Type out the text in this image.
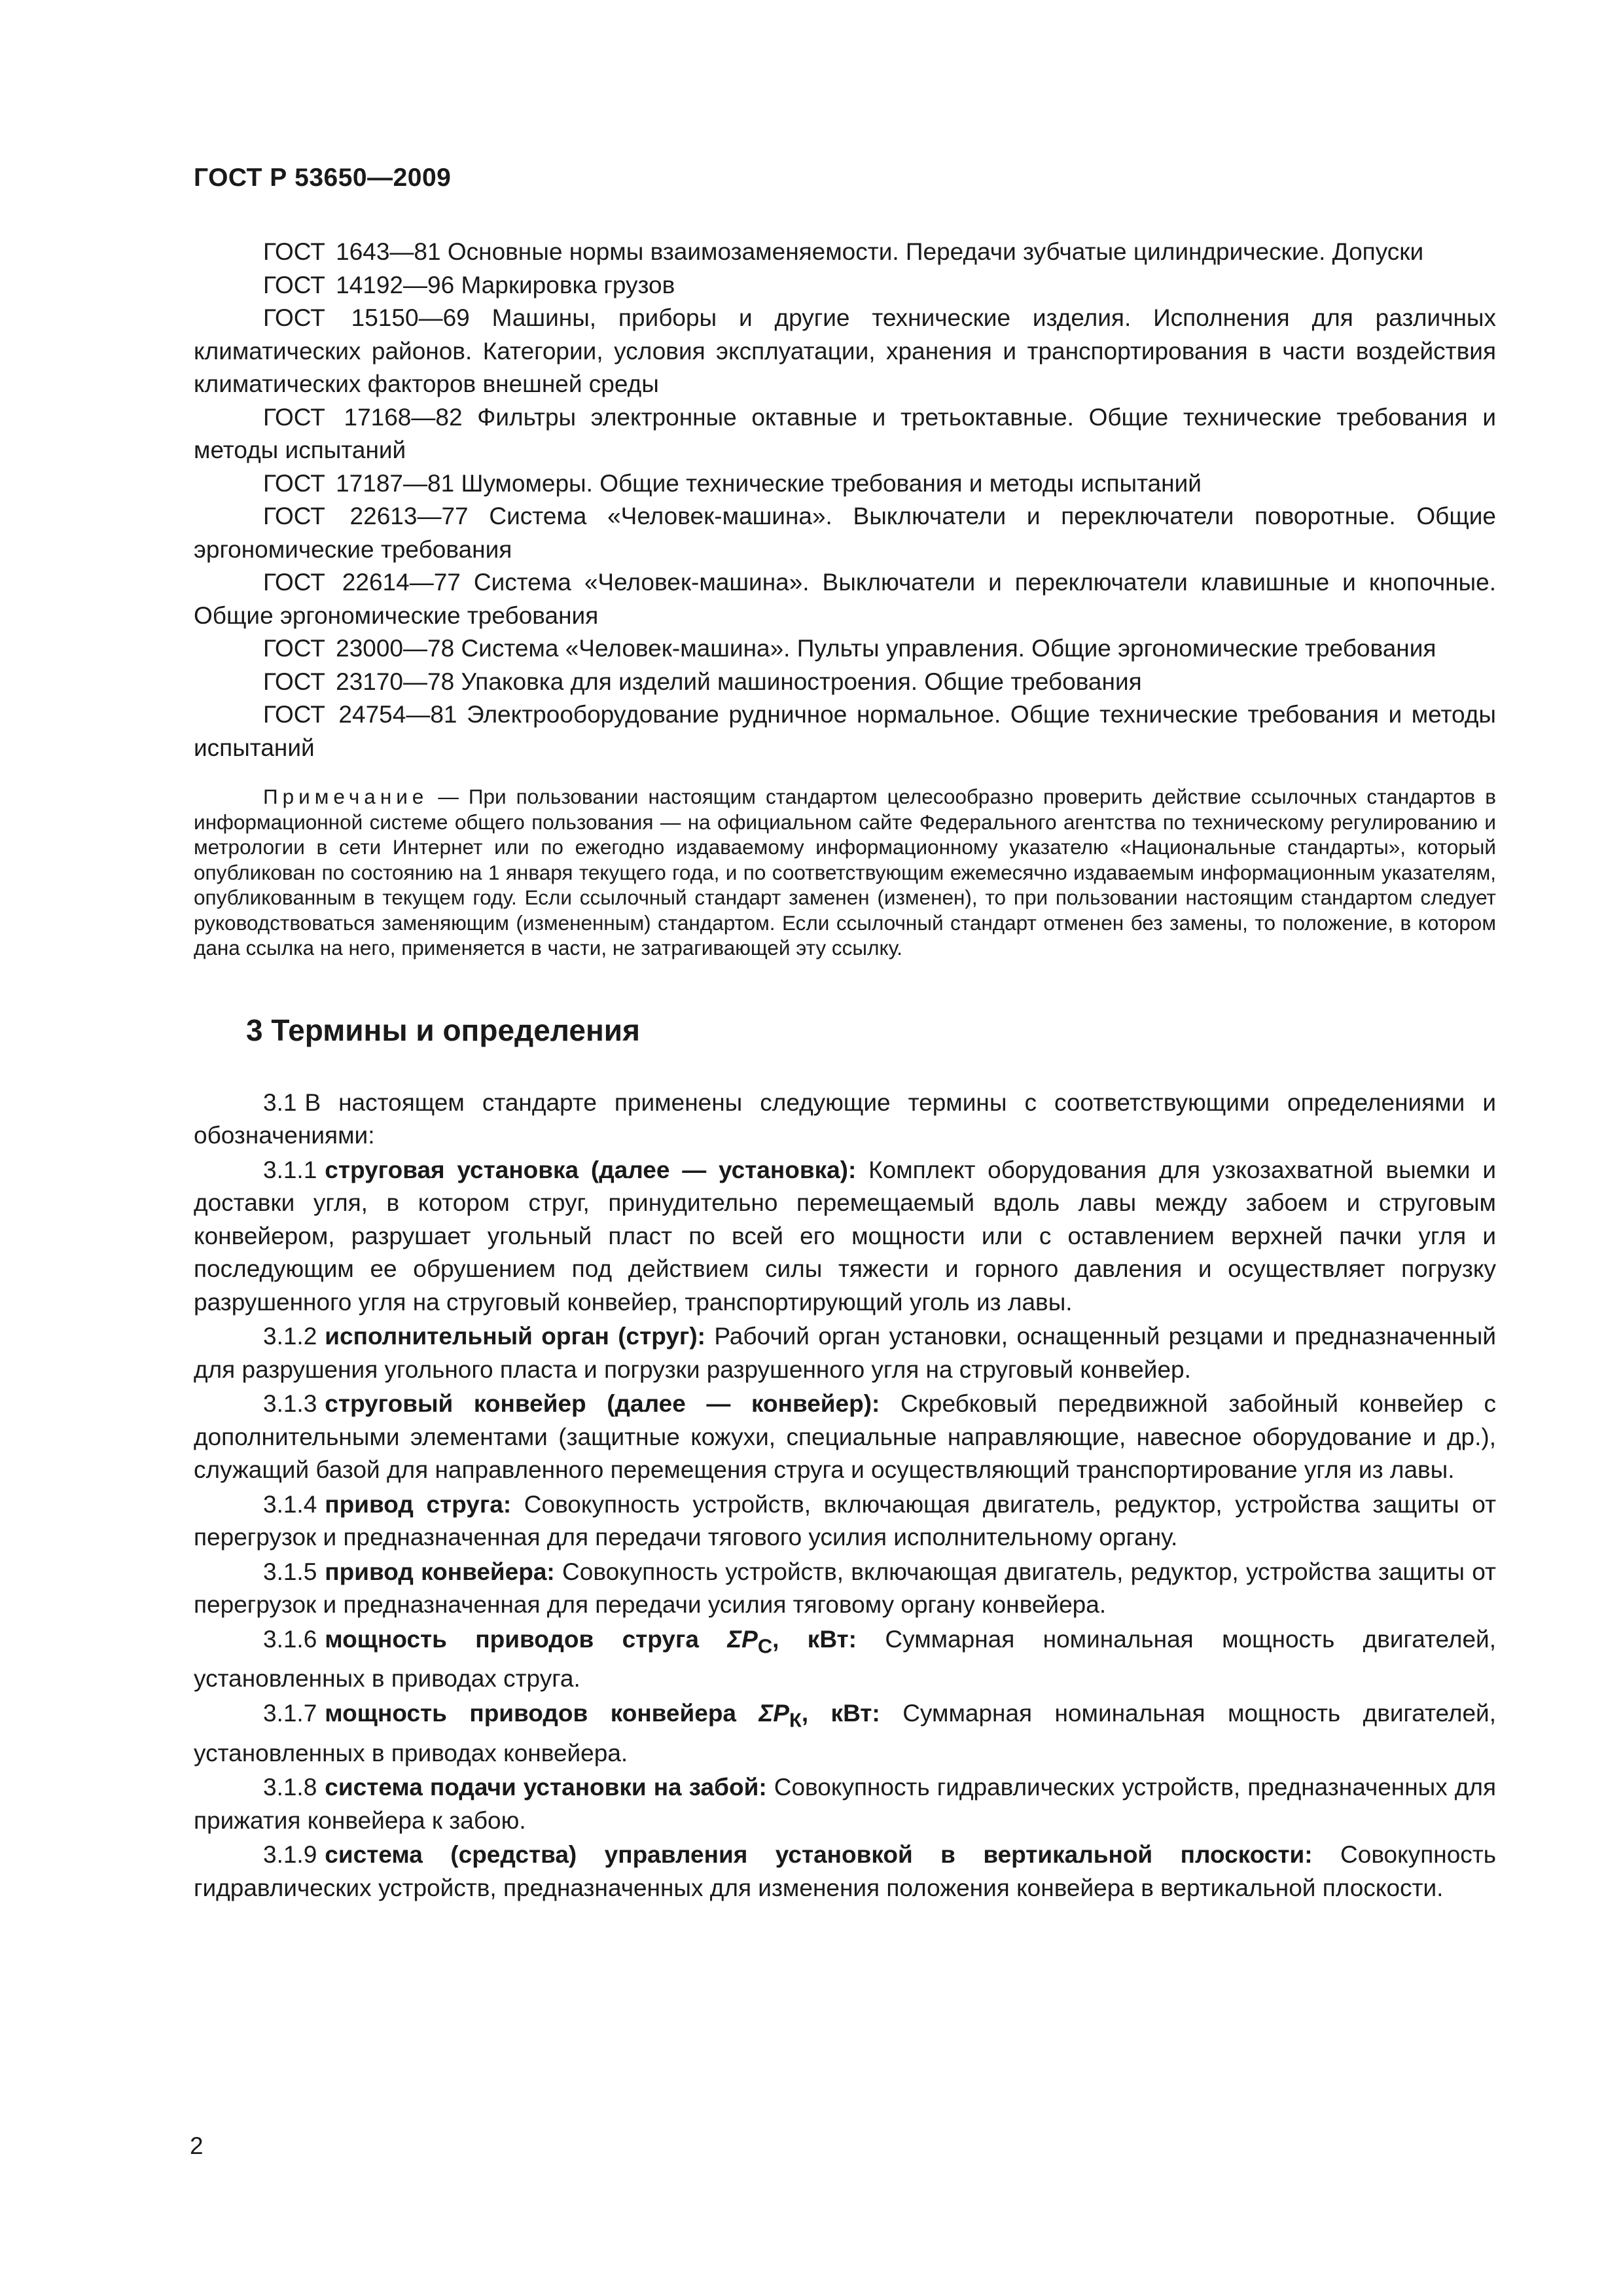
ГОСТ Р 53650—2009

ГОСТ 1643—81 Основные нормы взаимозаменяемости. Передачи зубчатые цилиндрические. Допуски

ГОСТ 14192—96 Маркировка грузов

ГОСТ 15150—69 Машины, приборы и другие технические изделия. Исполнения для различных климатических районов. Категории, условия эксплуатации, хранения и транспортирования в части воздействия климатических факторов внешней среды

ГОСТ 17168—82 Фильтры электронные октавные и третьоктавные. Общие технические требования и методы испытаний

ГОСТ 17187—81 Шумомеры. Общие технические требования и методы испытаний

ГОСТ 22613—77 Система «Человек-машина». Выключатели и переключатели поворотные. Общие эргономические требования

ГОСТ 22614—77 Система «Человек-машина». Выключатели и переключатели клавишные и кнопочные. Общие эргономические требования

ГОСТ 23000—78 Система «Человек-машина». Пульты управления. Общие эргономические требования

ГОСТ 23170—78 Упаковка для изделий машиностроения. Общие требования

ГОСТ 24754—81 Электрооборудование рудничное нормальное. Общие технические требования и методы испытаний

Примечание — При пользовании настоящим стандартом целесообразно проверить действие ссылочных стандартов в информационной системе общего пользования — на официальном сайте Федерального агентства по техническому регулированию и метрологии в сети Интернет или по ежегодно издаваемому информационному указателю «Национальные стандарты», который опубликован по состоянию на 1 января текущего года, и по соответствующим ежемесячно издаваемым информационным указателям, опубликованным в текущем году. Если ссылочный стандарт заменен (изменен), то при пользовании настоящим стандартом следует руководствоваться заменяющим (измененным) стандартом. Если ссылочный стандарт отменен без замены, то положение, в котором дана ссылка на него, применяется в части, не затрагивающей эту ссылку.

3 Термины и определения

3.1 В настоящем стандарте применены следующие термины с соответствующими определениями и обозначениями:

3.1.1 струговая установка (далее — установка): Комплект оборудования для узкозахватной выемки и доставки угля, в котором струг, принудительно перемещаемый вдоль лавы между забоем и струговым конвейером, разрушает угольный пласт по всей его мощности или с оставлением верхней пачки угля и последующим ее обрушением под действием силы тяжести и горного давления и осуществляет погрузку разрушенного угля на струговый конвейер, транспортирующий уголь из лавы.

3.1.2 исполнительный орган (струг): Рабочий орган установки, оснащенный резцами и предназначенный для разрушения угольного пласта и погрузки разрушенного угля на струговый конвейер.

3.1.3 струговый конвейер (далее — конвейер): Скребковый передвижной забойный конвейер с дополнительными элементами (защитные кожухи, специальные направляющие, навесное оборудование и др.), служащий базой для направленного перемещения струга и осуществляющий транспортирование угля из лавы.

3.1.4 привод струга: Совокупность устройств, включающая двигатель, редуктор, устройства защиты от перегрузок и предназначенная для передачи тягового усилия исполнительному органу.

3.1.5 привод конвейера: Совокупность устройств, включающая двигатель, редуктор, устройства защиты от перегрузок и предназначенная для передачи усилия тяговому органу конвейера.

3.1.6 мощность приводов струга $\Sigma P_С$, кВт: Суммарная номинальная мощность двигателей, установленных в приводах струга.

3.1.7 мощность приводов конвейера $\Sigma P_К$, кВт: Суммарная номинальная мощность двигателей, установленных в приводах конвейера.

3.1.8 система подачи установки на забой: Совокупность гидравлических устройств, предназначенных для прижатия конвейера к забою.

3.1.9 система (средства) управления установкой в вертикальной плоскости: Совокупность гидравлических устройств, предназначенных для изменения положения конвейера в вертикальной плоскости.

2
